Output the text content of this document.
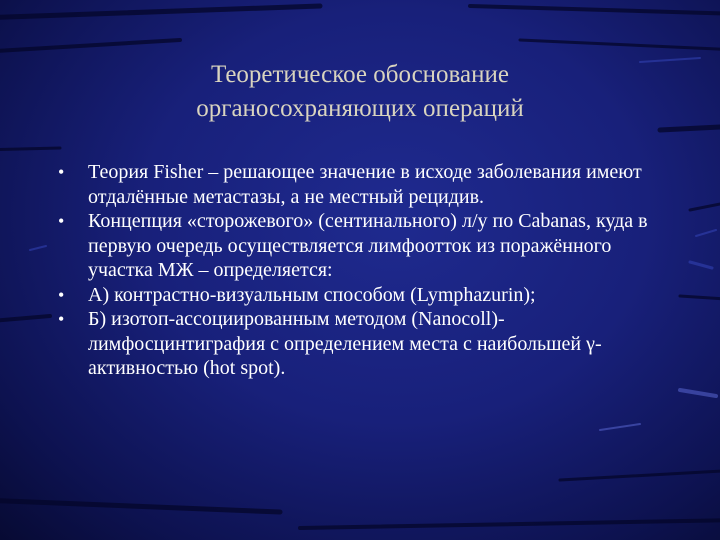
Теоретическое обоснование органосохраняющих операций
•	Теория Fisher – решающее значение в исходе заболевания имеют отдалённые метастазы, а не местный рецидив.
•	Концепция «сторожевого» (сентинального) л/у по Cabanas, куда в первую очередь осуществляется лимфоотток из поражённого участка МЖ – определяется:
•	А) контрастно-визуальным способом (Lymphazurin);
•	Б) изотоп-ассоциированным методом (Nanocoll)-лимфосцинтиграфия с определением места с наибольшей γ-активностью (hot spot).
